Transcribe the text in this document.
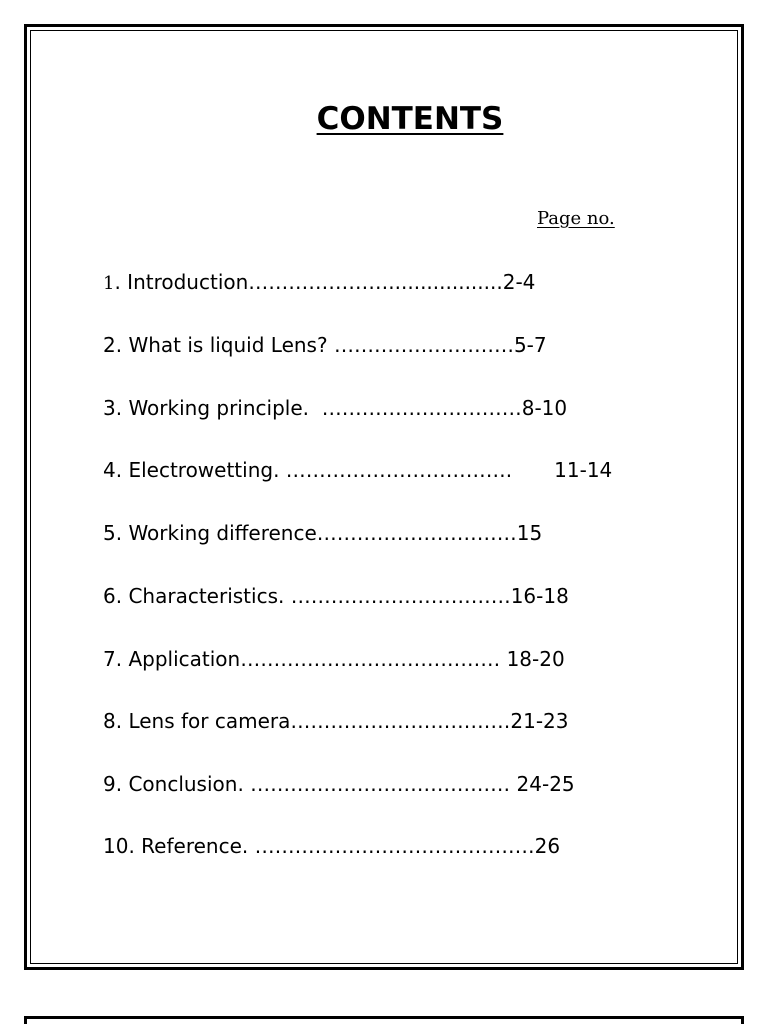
CONTENTS
Page no.
1. Introduction…………………..................2-4
2. What is liquid Lens? ………………………5-7
3. Working principle.  …………………………8-10
4. Electrowetting. ……………………………. 11-14
5. Working difference…………………………15
6. Characteristics. ……………………………16-18
7. Application………………………………… 18-20
8. Lens for camera……………………………21-23
9. Conclusion. ………………………………… 24-25
10. Reference. ……………………………………26
